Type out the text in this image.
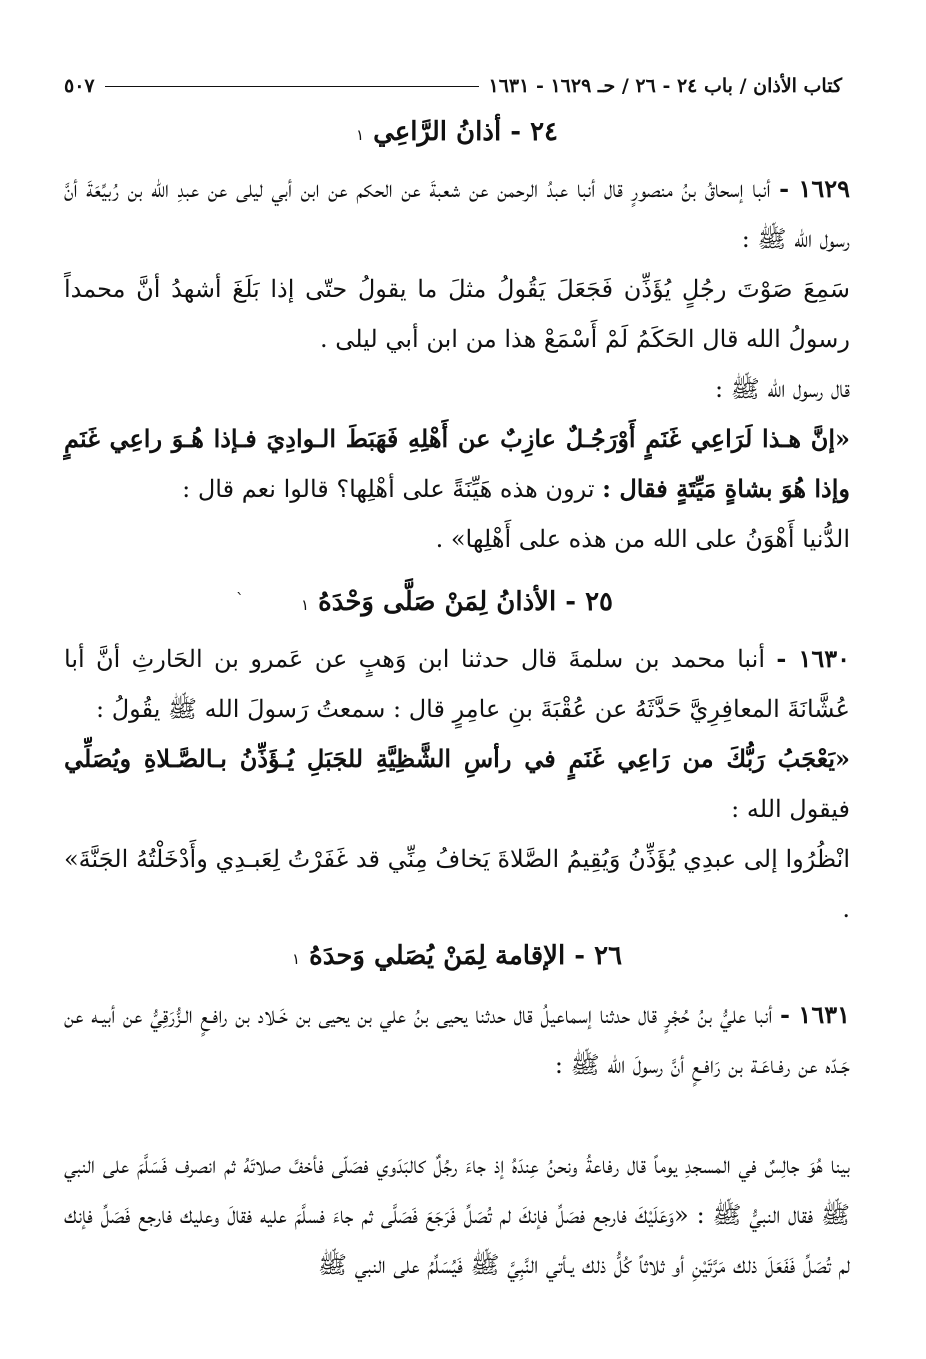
كتاب الأذان / باب ٢٤ - ٢٦ / حـ ١٦٢٩ - ١٦٣١
٥٠٧
٢٤ - أذانُ الرَّاعِي ١
١٦٢٩ - أنبا إسحاقُ بنُ منصورٍ قال أنبا عبدُ الرحمن عن شعبةَ عن الحكم عن ابن أبي ليلى عن عبدِ الله بن رُبيِّعَةَ أنَّ رسول الله ﷺ :
سَمِعَ صَوْتَ رجُلٍ يُؤَذِّن فَجَعَلَ يَقُولُ مثلَ ما يقولُ حتّى إذا بَلَغَ أشهدُ أنَّ محمداً رسولُ الله قال الحَكَمُ لَمْ أَسْمَعْ هذا من ابن أبي ليلى .
قال رسول الله ﷺ :
«إنَّ هـذا لَرَاعِي غَنَمٍ أَوْرَجُـلٌ عازِبٌ عن أَهْلِهِ فَهَبَطَ الـوادِيَ فـإذا هُـوَ راعِي غَنَمٍ وإذا هُوَ بشاةٍ مَيِّتَةٍ فقال : ترون هذه هَيِّنَةً على أهْلِها؟ قالوا نعم قال :
الدُّنيا أَهْوَنُ على الله من هذه على أَهْلِها» .
٢٥ - الأذانُ لِمَنْ صَلَّى وَحْدَهُ ١
`
١٦٣٠ - أنبا محمد بن سلمةَ قال حدثنا ابن وَهبٍ عن عَمرو بن الحَارثِ أنَّ أبا عُشَّانَةَ المعافِرِيَّ حَدَّثَهُ عن عُقْبَةَ بنِ عامِرٍ قال : سمعتُ رَسولَ الله ﷺ يقُولُ :
«يَعْجَبُ رَبُّكَ من رَاعِي غَنَمٍ في رأسِ الشَّظِيَّةِ للجَبَلِ يُـؤَذِّنُ بـالصَّـلاةِ ويُصَلِّي فيقول الله :
انْظُرُوا إلى عبدِي يُؤَذِّنُ وَيُقِيمُ الصَّلاةَ يَخافُ مِنِّي قد غَفَرْتُ لِعَبـدِي وأَدْخَلْتُهُ الجَنَّةَ» .
٢٦ - الإقامة لِمَنْ يُصَلي وَحدَهُ ١
١٦٣١ - أنبا عليُّ بنُ حُجْرٍ قال حدثنا إسماعيلُ قال حدثنا يحيى بنُ علي بن يحيى بن خَـلاد بن رافـعٍ الـزُّرَقِيُّ عن أبيـه عن جَـدّه عن رفـاعَـة بن رَافـعٍ أنَّ رسولَ الله ﷺ :
بينا هُوَ جالِسٌ في المسجدِ يوماً قال رفاعةُ ونحنُ عِندَهُ إذ جاءَ رجُلٌ كالبَدَوي فصَلّى فأخفَّ صلاتَهُ ثم انصرف فَسَلَّمَ على النبي ﷺ فقال النبيُّ ﷺ : «وَعَلَيْكَ فارجع فصَلِّ فإنكَ لم تُصَلِّ فَرَجَعَ فَصَلَّى ثم جاءَ فسلَّمَ عليه فقالَ وعليك فارجع فَصَلِّ فإنك لم تُصَلِّ فَفَعَلَ ذلك مَرَّتَيْنِ أو ثلاثاً كُلُّ ذلك يـأتي النَّبِيَّ ﷺ فَيُسَلِّمُ على النبي ﷺ
